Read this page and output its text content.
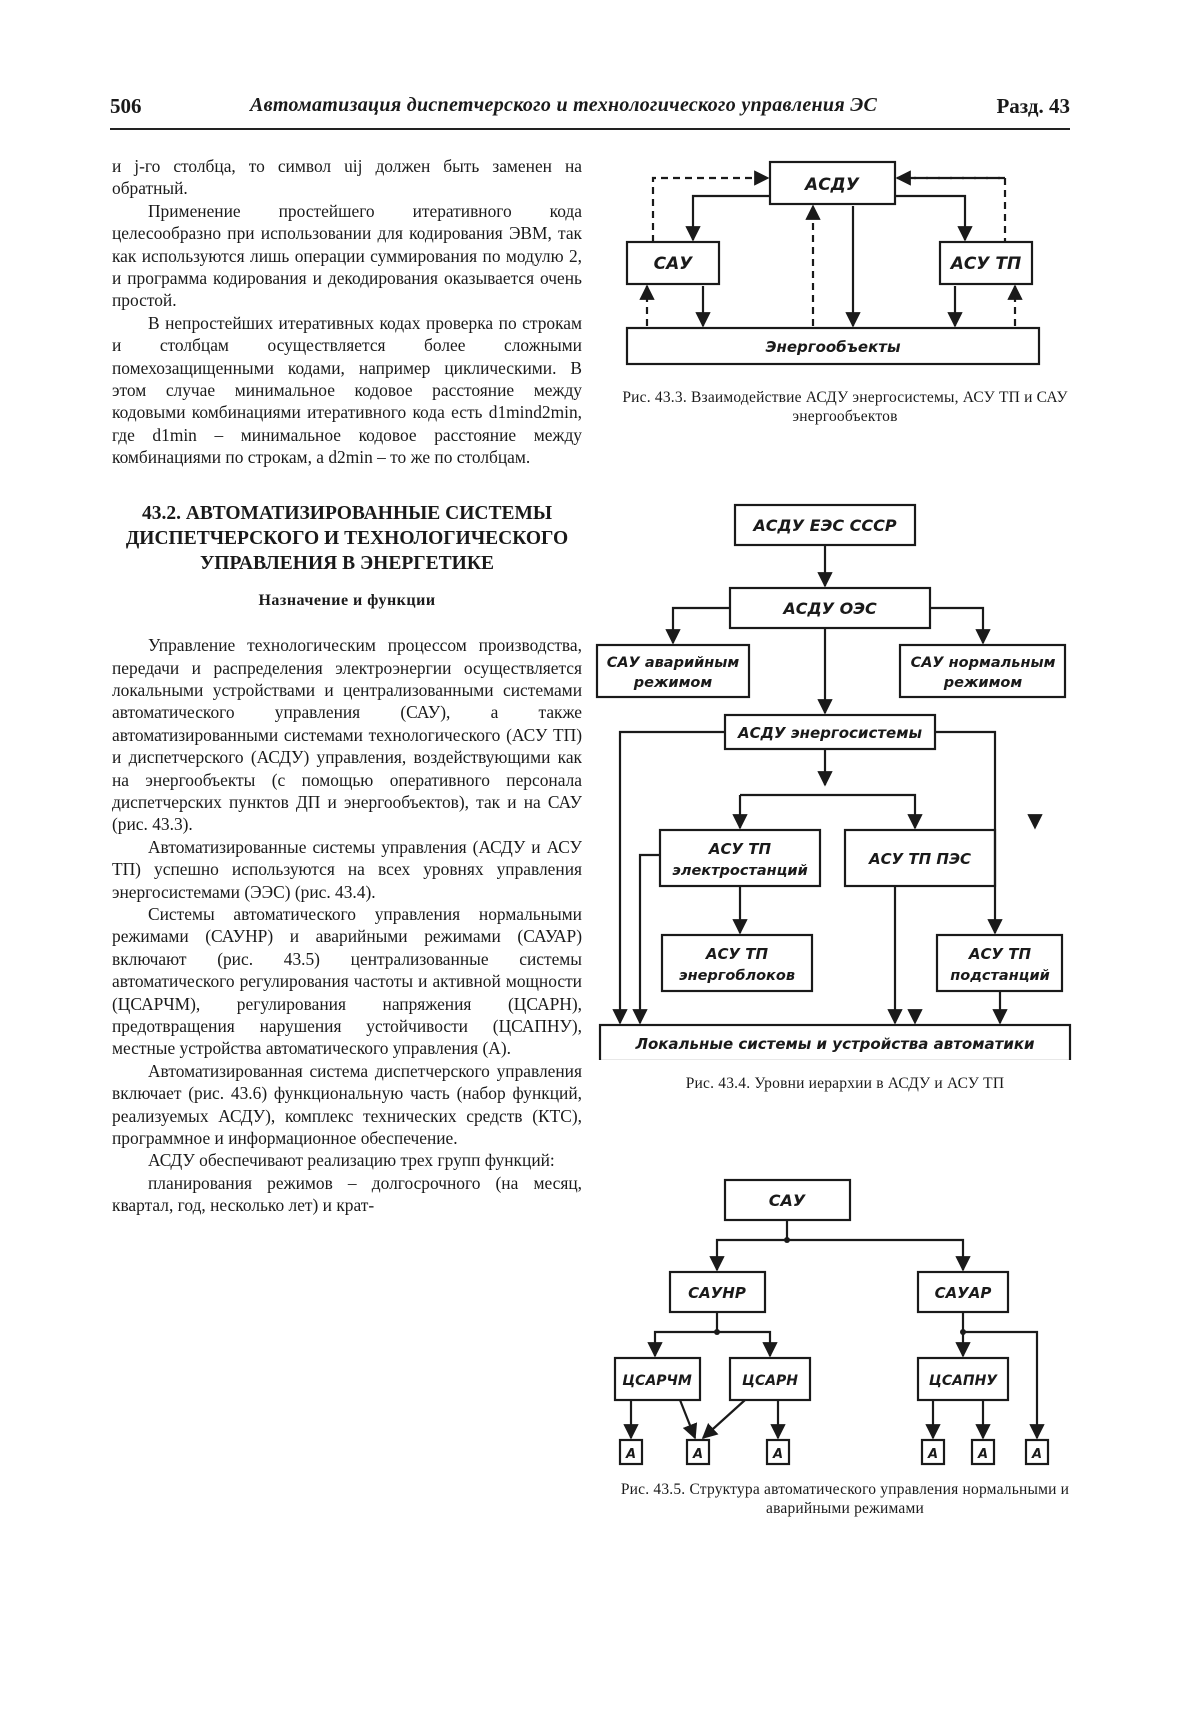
506	Автоматизация диспетчерского и технологического управления ЭС	Разд. 43

и j-го столбца, то символ uij должен быть заменен на обратный.

Применение простейшего итеративного кода целесообразно при использовании для кодирования ЭВМ, так как используются лишь операции суммирования по модулю 2, и программа кодирования и декодирования оказывается очень простой.

В непростейших итеративных кодах проверка по строкам и столбцам осуществляется более сложными помехозащищенными кодами, например циклическими. В этом случае минимальное кодовое расстояние между кодовыми комбинациями итеративного кода есть d1mind2min, где d1min – минимальное кодовое расстояние между комбинациями по строкам, а d2min – то же по столбцам.

43.2. АВТОМАТИЗИРОВАННЫЕ СИСТЕМЫ ДИСПЕТЧЕРСКОГО И ТЕХНОЛОГИЧЕСКОГО УПРАВЛЕНИЯ В ЭНЕРГЕТИКЕ
Назначение и функции

Управление технологическим процессом производства, передачи и распределения электроэнергии осуществляется локальными устройствами и централизованными системами автоматического управления (САУ), а также автоматизированными системами технологического (АСУ ТП) и диспетчерского (АСДУ) управления, воздействующими как на энергообъекты (с помощью оперативного персонала диспетчерских пунктов ДП и энергообъектов), так и на САУ (рис. 43.3).

Автоматизированные системы управления (АСДУ и АСУ ТП) успешно используются на всех уровнях управления энергосистемами (ЭЭС) (рис. 43.4).

Системы автоматического управления нормальными режимами (САУНР) и аварийными режимами (САУАР) включают (рис. 43.5) централизованные системы автоматического регулирования частоты и активной мощности (ЦСАРЧМ), регулирования напряжения (ЦСАРН), предотвращения нарушения устойчивости (ЦСАПНУ), местные устройства автоматического управления (А).

Автоматизированная система диспетчерского управления включает (рис. 43.6) функциональную часть (набор функций, реализуемых АСДУ), комплекс технических средств (КТС), программное и информационное обеспечение.

АСДУ обеспечивают реализацию трех групп функций:

планирования режимов – долгосрочного (на месяц, квартал, год, несколько лет) и крат-

АСДУ
САУ	АСУ ТП
Энергообъекты
Рис. 43.3. Взаимодействие АСДУ энергосистемы, АСУ ТП и САУ энергообъектов
АСДУ ЕЭС СССР
АСДУ ОЭС
САУ аварийным
режимом
САУ нормальным
режимом
АСДУ энергосистемы
АСУ ТП
электростанций
АСУ ТП ПЭС
АСУ ТП
энергоблоков
АСУ ТП
подстанций
Локальные системы и устройства автоматики
Рис. 43.4. Уровни иерархии в АСДУ и АСУ ТП
САУ
САУНР	САУАР
ЦСАРЧМ	ЦСАРН	ЦСАПНУ
А	А	А	А	А	А
Рис. 43.5. Структура автоматического управления нормальными и аварийными режимами
